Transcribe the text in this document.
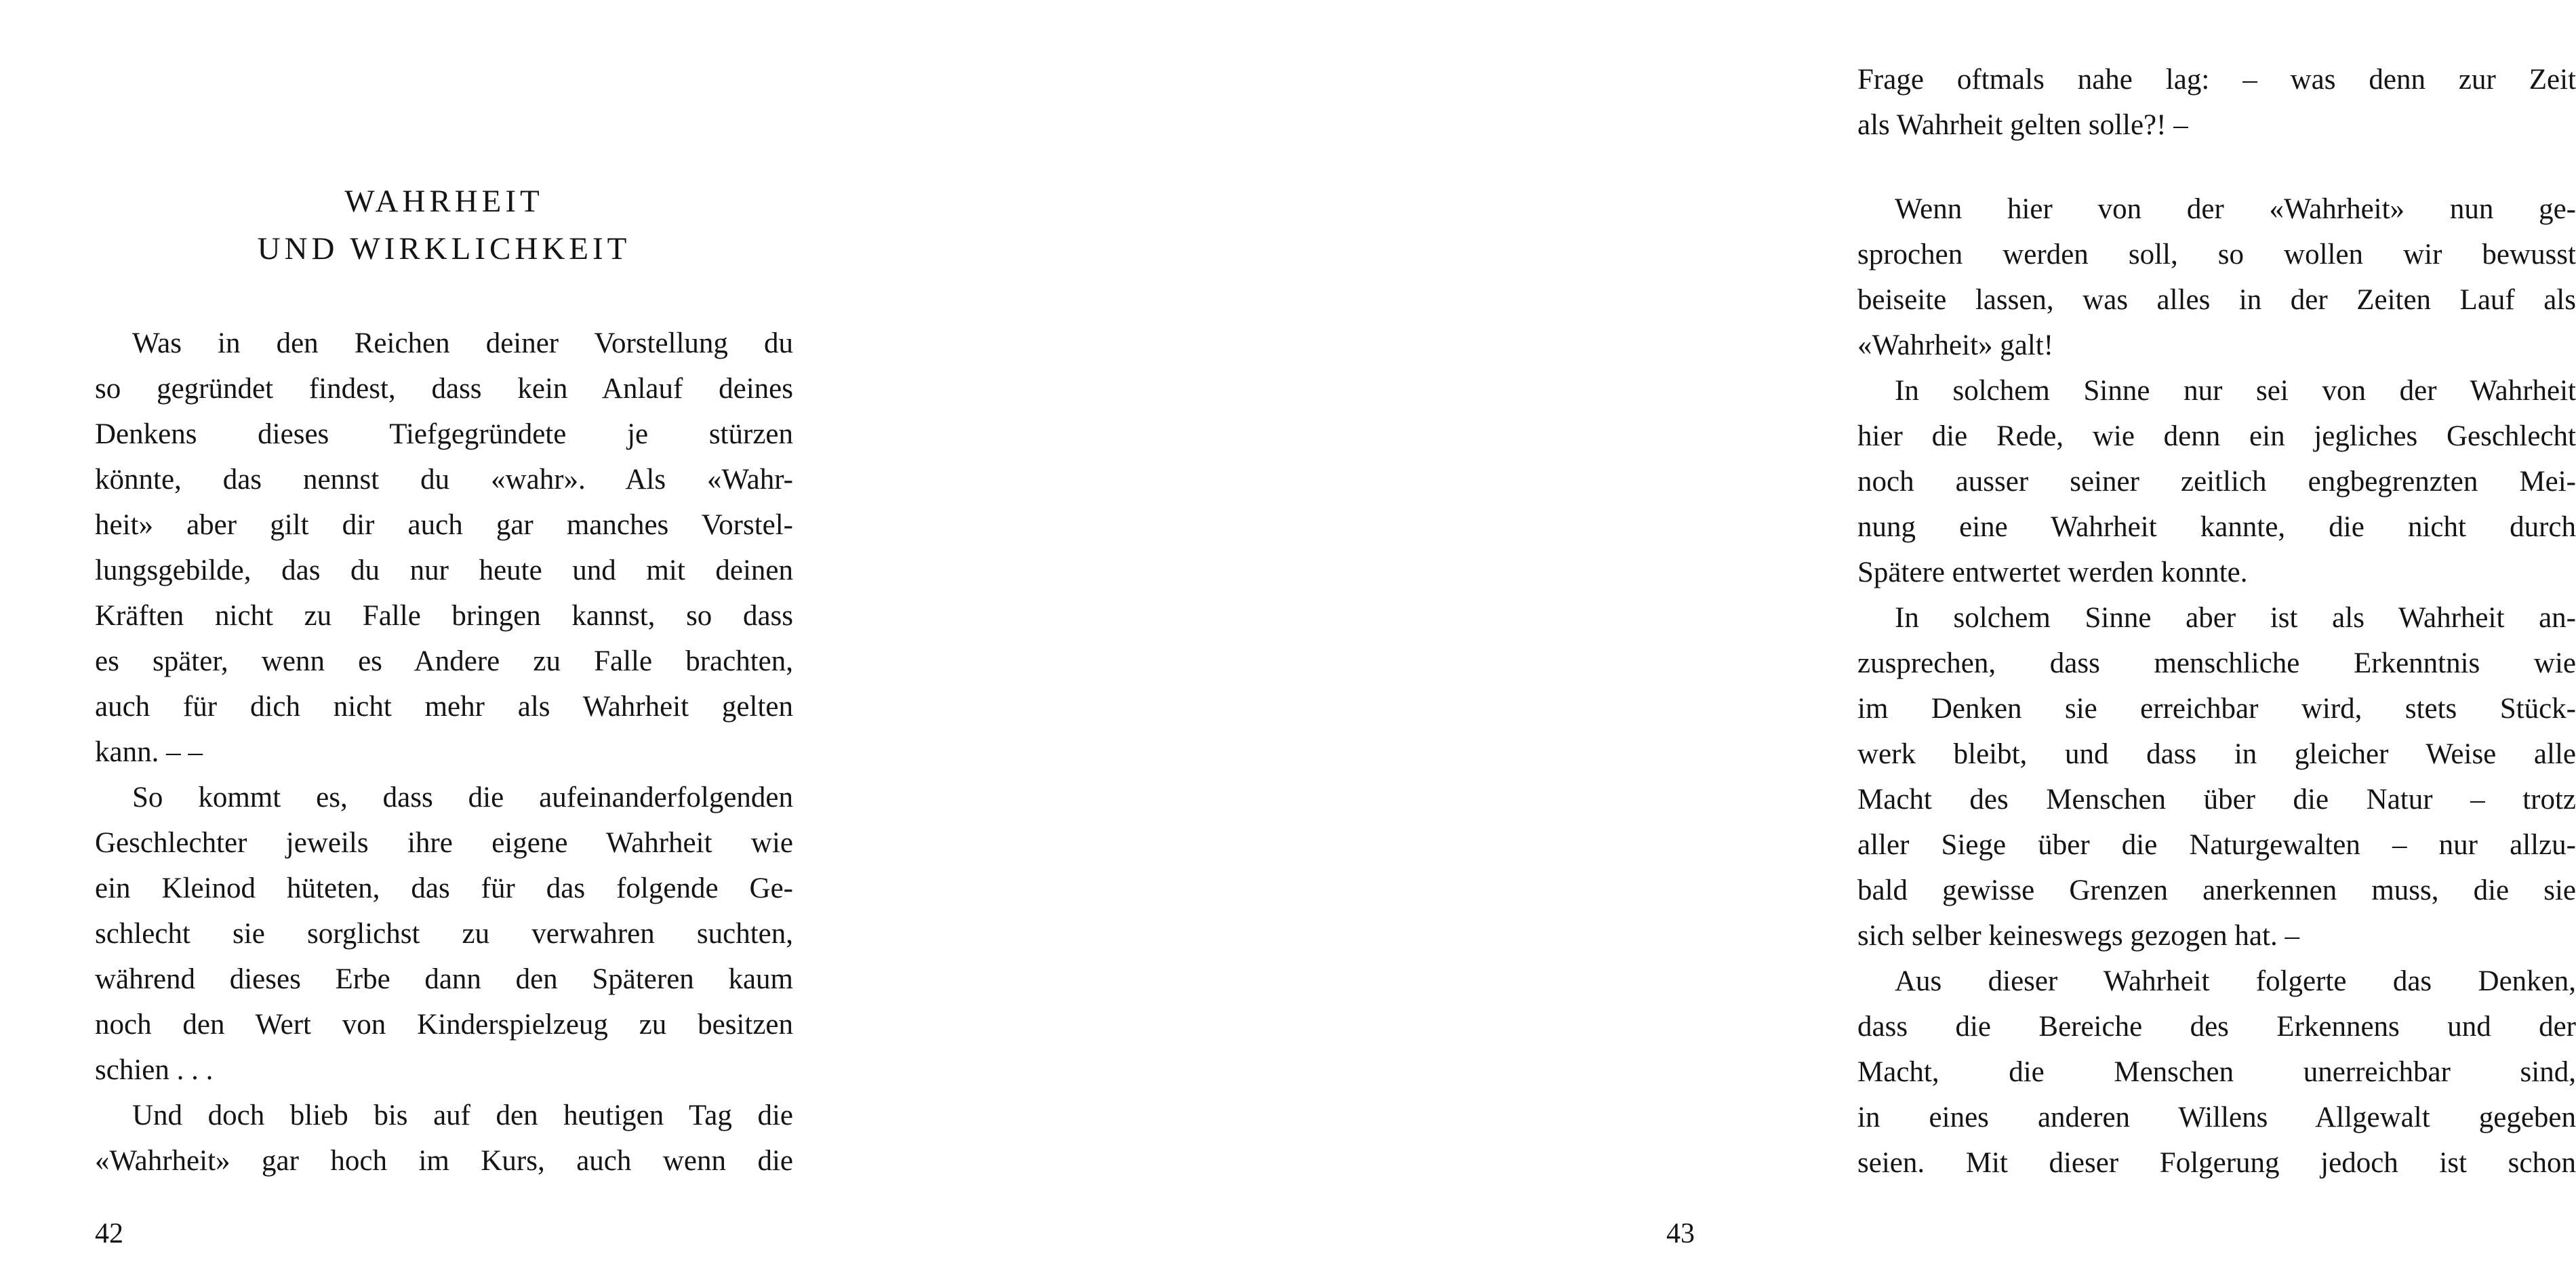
WAHRHEIT
UND WIRKLICHKEIT
Was in den Reichen deiner Vorstellung du
so gegründet findest, dass kein Anlauf deines
Denkens dieses Tiefgegründete je stürzen
könnte, das nennst du «wahr». Als «Wahr-
heit» aber gilt dir auch gar manches Vorstel-
lungsgebilde, das du nur heute und mit deinen
Kräften nicht zu Falle bringen kannst, so dass
es später, wenn es Andere zu Falle brachten,
auch für dich nicht mehr als Wahrheit gelten
kann. – –
So kommt es, dass die aufeinanderfolgenden
Geschlechter jeweils ihre eigene Wahrheit wie
ein Kleinod hüteten, das für das folgende Ge-
schlecht sie sorglichst zu verwahren suchten,
während dieses Erbe dann den Späteren kaum
noch den Wert von Kinderspielzeug zu besitzen
schien . . .
Und doch blieb bis auf den heutigen Tag die
«Wahrheit» gar hoch im Kurs, auch wenn die
42
Frage oftmals nahe lag: – was denn zur Zeit
als Wahrheit gelten solle?! –
Wenn hier von der «Wahrheit» nun ge-
sprochen werden soll, so wollen wir bewusst
beiseite lassen, was alles in der Zeiten Lauf als
«Wahrheit» galt!
In solchem Sinne nur sei von der Wahrheit
hier die Rede, wie denn ein jegliches Geschlecht
noch ausser seiner zeitlich engbegrenzten Mei-
nung eine Wahrheit kannte, die nicht durch
Spätere entwertet werden konnte.
In solchem Sinne aber ist als Wahrheit an-
zusprechen, dass menschliche Erkenntnis wie
im Denken sie erreichbar wird, stets Stück-
werk bleibt, und dass in gleicher Weise alle
Macht des Menschen über die Natur – trotz
aller Siege über die Naturgewalten – nur allzu-
bald gewisse Grenzen anerkennen muss, die sie
sich selber keineswegs gezogen hat. –
Aus dieser Wahrheit folgerte das Denken,
dass die Bereiche des Erkennens und der
Macht, die Menschen unerreichbar sind,
in eines anderen Willens Allgewalt gegeben
seien. Mit dieser Folgerung jedoch ist schon
43
